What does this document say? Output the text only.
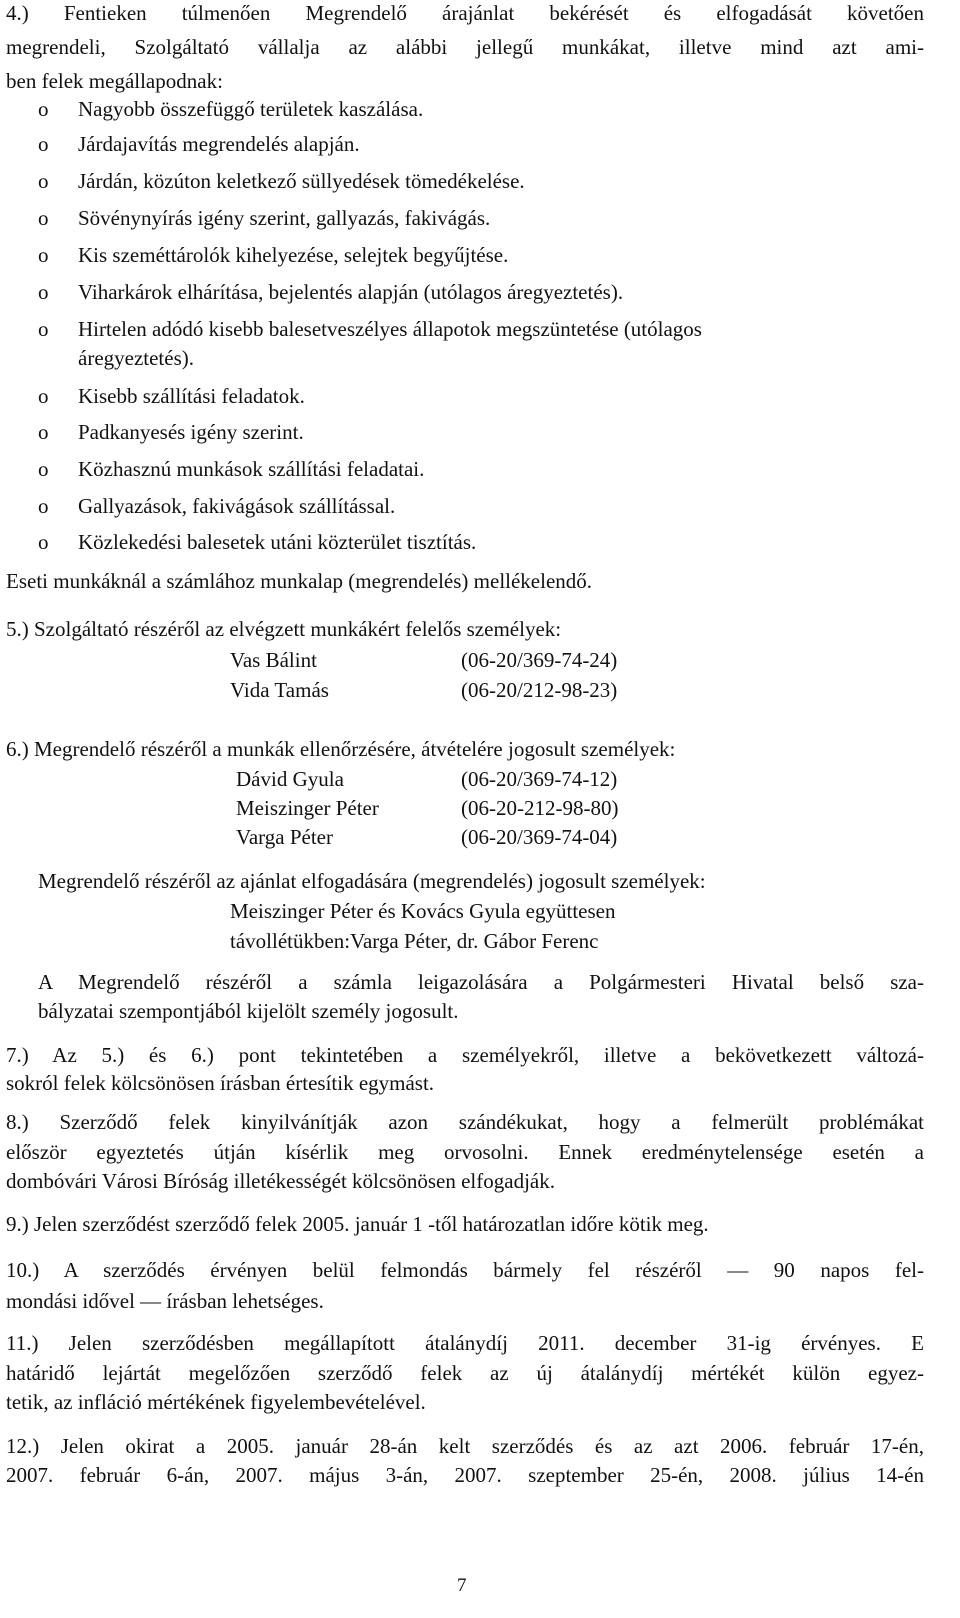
4.) Fentieken túlmenően Megrendelő árajánlat bekérését és elfogadását követően
megrendeli, Szolgáltató vállalja az alábbi jellegű munkákat, illetve mind azt ami-
ben felek megállapodnak:
o Nagyobb összefüggő területek kaszálása.
o Járdajavítás megrendelés alapján.
o Járdán, közúton keletkező süllyedések tömedékelése.
o Sövénynyírás igény szerint, gallyazás, fakivágás.
o Kis szeméttárolók kihelyezése, selejtek begyűjtése.
o Viharkárok elhárítása, bejelentés alapján (utólagos áregyeztetés).
o Hirtelen adódó kisebb balesetveszélyes állapotok megszüntetése (utólagos
áregyeztetés).
o Kisebb szállítási feladatok.
o Padkanyesés igény szerint.
o Közhasznú munkások szállítási feladatai.
o Gallyazások, fakivágások szállítással.
o Közlekedési balesetek utáni közterület tisztítás.
Eseti munkáknál a számlához munkalap (megrendelés) mellékelendő.
5.) Szolgáltató részéről az elvégzett munkákért felelős személyek:
Vas Bálint	(06-20/369-74-24)
Vida Tamás	(06-20/212-98-23)
6.) Megrendelő részéről a munkák ellenőrzésére, átvételére jogosult személyek:
Dávid Gyula	(06-20/369-74-12)
Meiszinger Péter	(06-20-212-98-80)
Varga Péter	(06-20/369-74-04)
Megrendelő részéről az ajánlat elfogadására (megrendelés) jogosult személyek:
Meiszinger Péter és Kovács Gyula együttesen
távollétükben:Varga Péter, dr. Gábor Ferenc
A Megrendelő részéről a számla leigazolására a Polgármesteri Hivatal belső sza-
bályzatai szempontjából kijelölt személy jogosult.
7.) Az 5.) és 6.) pont tekintetében a személyekről, illetve a bekövetkezett változá-
sokról felek kölcsönösen írásban értesítik egymást.
8.) Szerződő felek kinyilvánítják azon szándékukat, hogy a felmerült problémákat
először egyeztetés útján kísérlik meg orvosolni. Ennek eredménytelensége esetén a
dombóvári Városi Bíróság illetékességét kölcsönösen elfogadják.
9.) Jelen szerződést szerződő felek 2005. január 1 -től határozatlan időre kötik meg.
10.) A szerződés érvényen belül felmondás bármely fel részéről — 90 napos fel-
mondási idővel — írásban lehetséges.
11.) Jelen szerződésben megállapított átalánydíj 2011. december 31-ig érvényes. E
határidő lejártát megelőzően szerződő felek az új átalánydíj mértékét külön egyez-
tetik, az infláció mértékének figyelembevételével.
12.) Jelen okirat a 2005. január 28-án kelt szerződés és az azt 2006. február 17-én,
2007. február 6-án, 2007. május 3-án, 2007. szeptember 25-én, 2008. július 14-én
7
